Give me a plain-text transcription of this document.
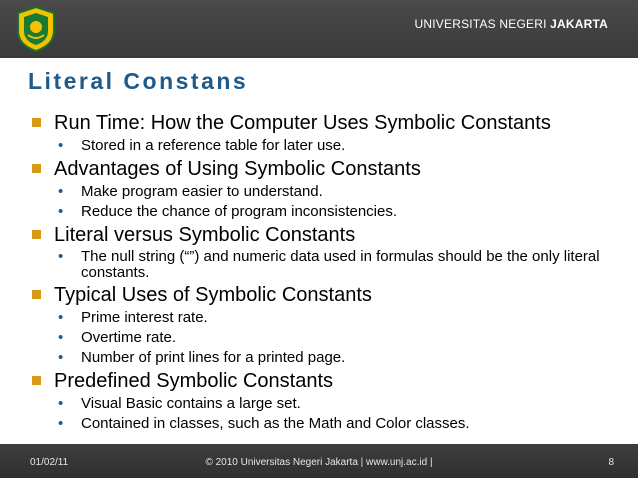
UNIVERSITAS NEGERI JAKARTA
Literal Constans
Run Time: How the Computer Uses Symbolic Constants
• Stored in a reference table for later use.
Advantages of Using Symbolic Constants
• Make program easier to understand.
• Reduce the chance of program inconsistencies.
Literal versus Symbolic Constants
• The null string (“”) and numeric data used in formulas should be the only literal constants.
Typical Uses of Symbolic Constants
• Prime interest rate.
• Overtime rate.
• Number of print lines for a printed page.
Predefined Symbolic Constants
• Visual Basic contains a large set.
• Contained in classes, such as the Math and Color classes.
01/02/11	© 2010 Universitas Negeri Jakarta | www.unj.ac.id |	8
